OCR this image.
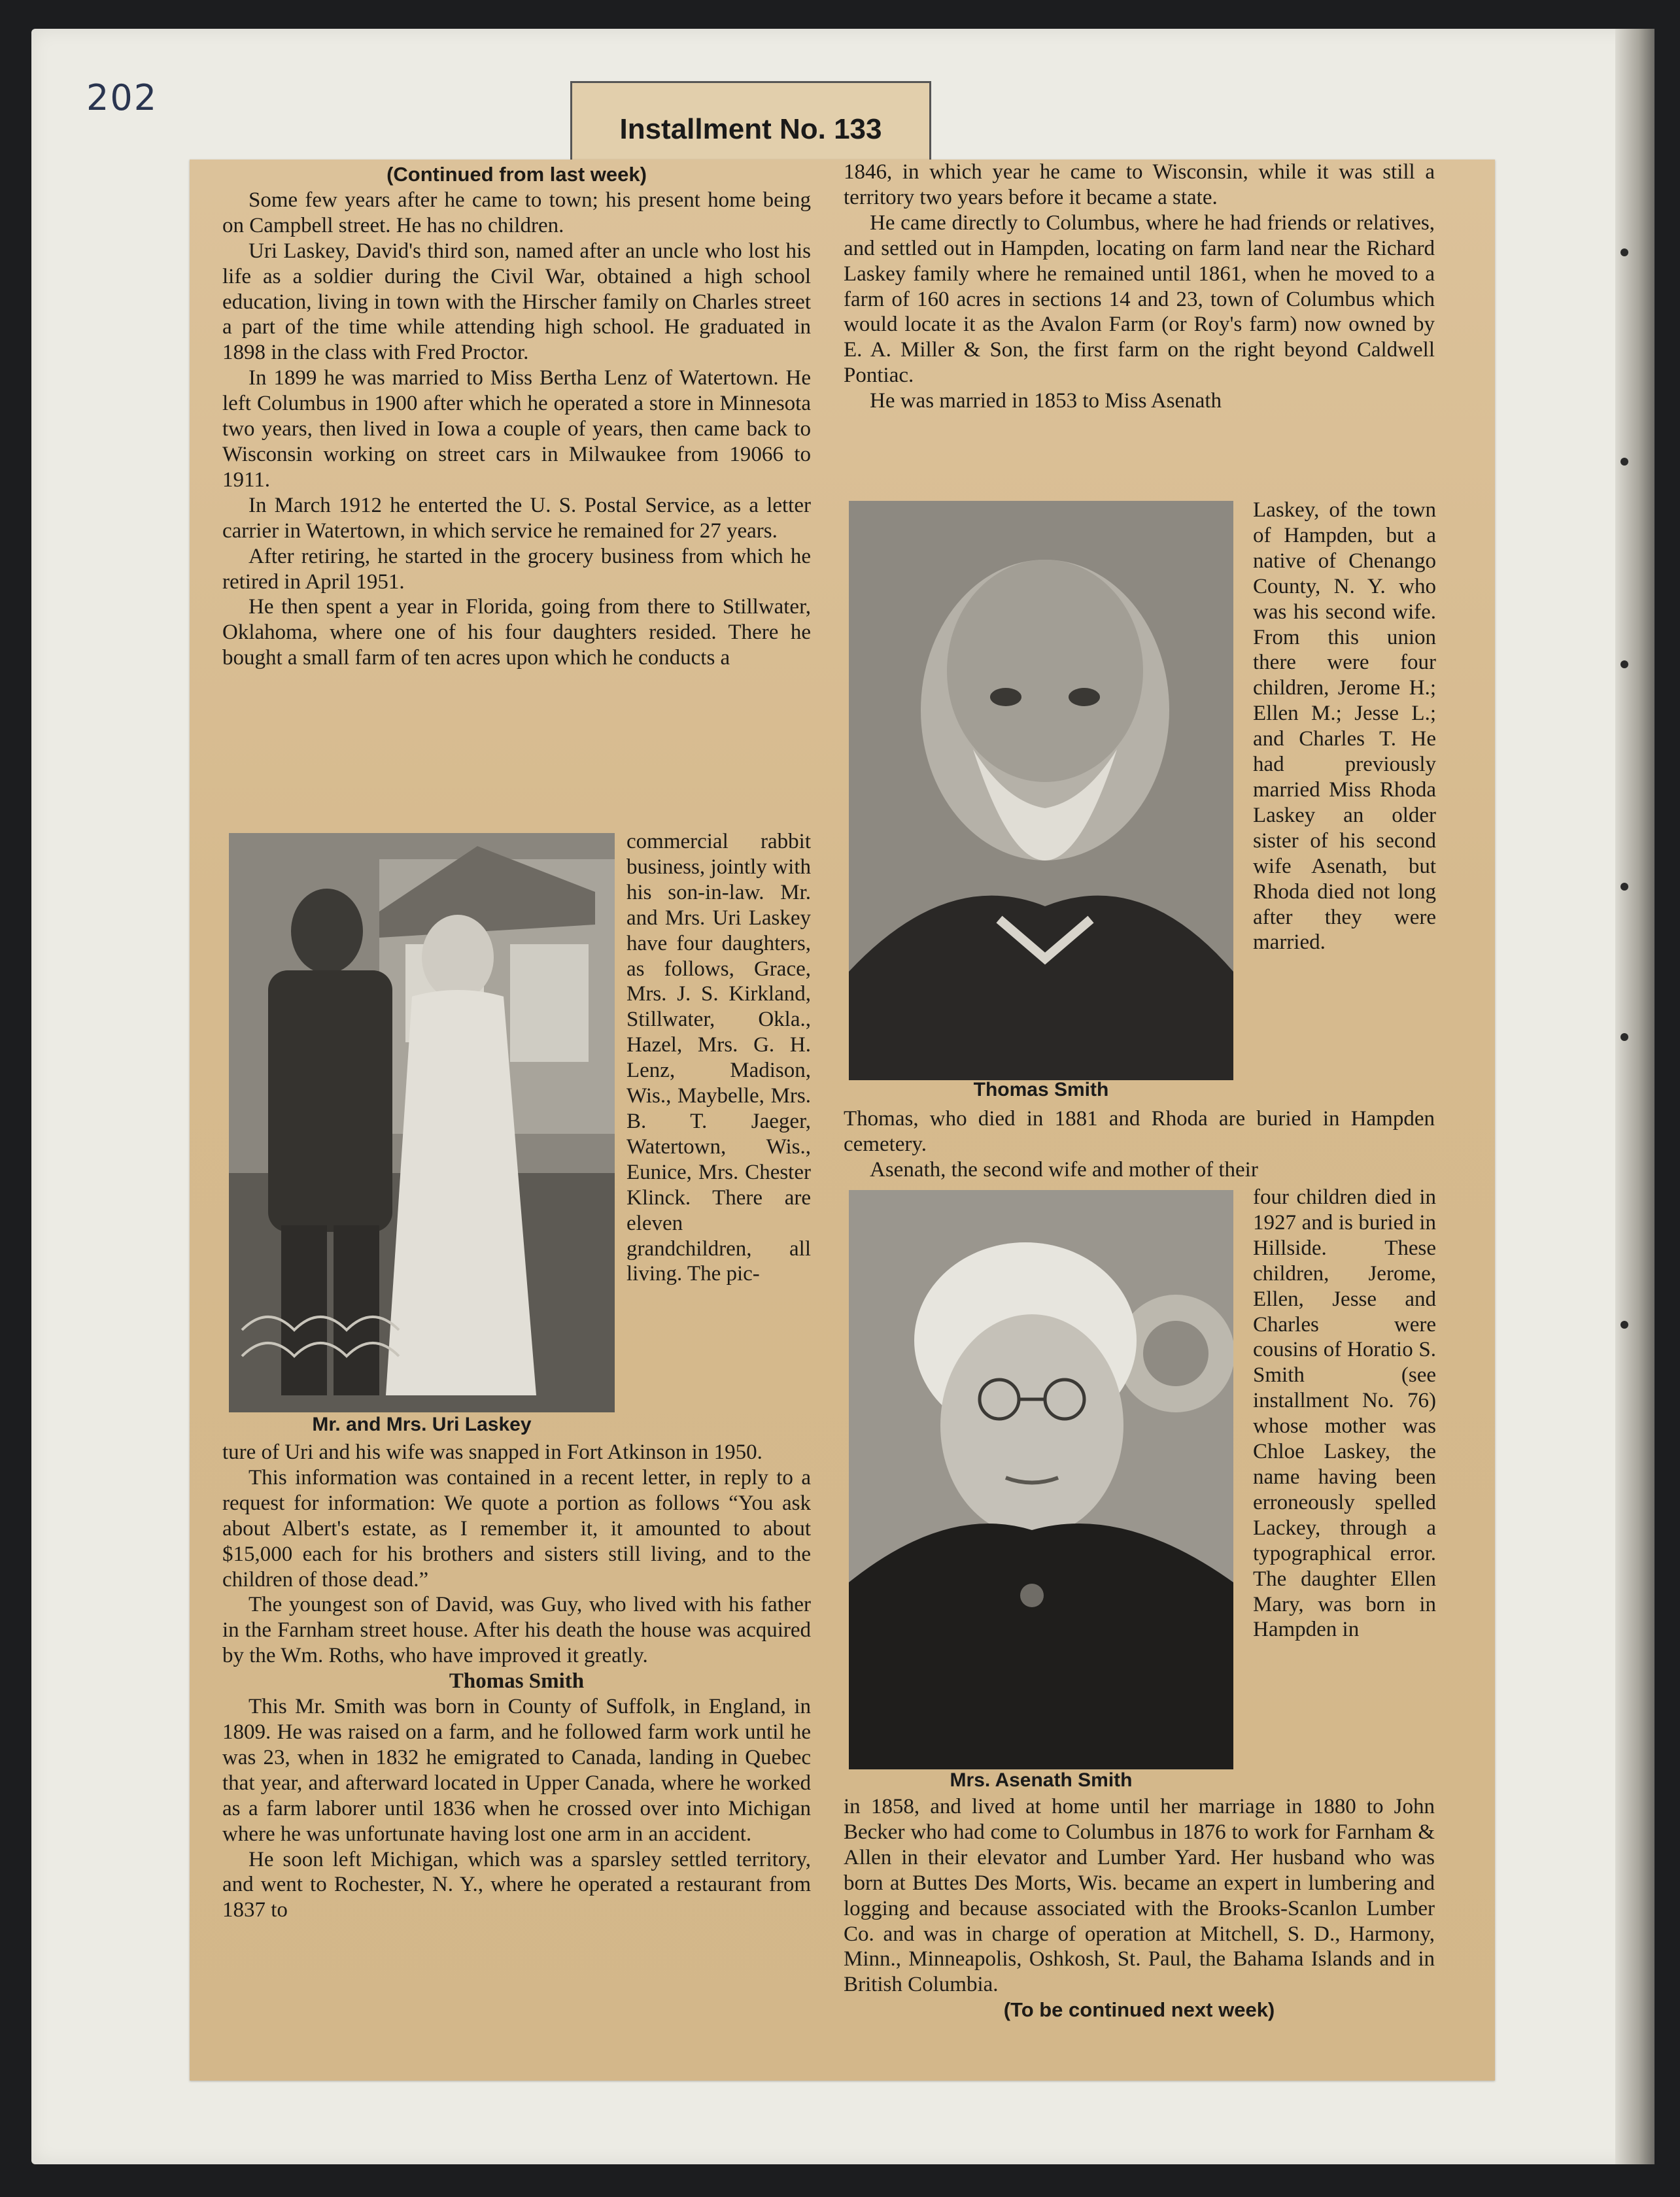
202
Installment No. 133

(Continued from last week)

Some few years after he came to town; his present home being on Campbell street. He has no children.

Uri Laskey, David's third son, named after an uncle who lost his life as a soldier during the Civil War, obtained a high school education, living in town with the Hirscher family on Charles street a part of the time while attending high school. He graduated in 1898 in the class with Fred Proctor.

In 1899 he was married to Miss Bertha Lenz of Watertown. He left Columbus in 1900 after which he operated a store in Minnesota two years, then lived in Iowa a couple of years, then came back to Wisconsin working on street cars in Milwaukee from 19066 to 1911.

In March 1912 he enterted the U. S. Postal Service, as a letter carrier in Watertown, in which service he remained for 27 years.

After retiring, he started in the grocery business from which he retired in April 1951.

He then spent a year in Florida, going from there to Stillwater, Oklahoma, where one of his four daughters resided. There he bought a small farm of ten acres upon which he conducts a

Mr. and Mrs. Uri Laskey
commercial rabbit business, jointly with his son-in-law. Mr. and Mrs. Uri Laskey have four daughters, as follows, Grace, Mrs. J. S. Kirkland, Stillwater, Okla., Hazel, Mrs. G. H. Lenz, Madison, Wis., Maybelle, Mrs. B. T. Jaeger, Watertown, Wis., Eunice, Mrs. Chester Klinck. There are eleven grandchildren, all living. The pic-

ture of Uri and his wife was snapped in Fort Atkinson in 1950.

This information was contained in a recent letter, in reply to a request for information: We quote a portion as follows “You ask about Albert's estate, as I remember it, it amounted to about $15,000 each for his brothers and sisters still living, and to the children of those dead.”

The youngest son of David, was Guy, who lived with his father in the Farnham street house. After his death the house was acquired by the Wm. Roths, who have improved it greatly.

Thomas Smith

This Mr. Smith was born in County of Suffolk, in England, in 1809. He was raised on a farm, and he followed farm work until he was 23, when in 1832 he emigrated to Canada, landing in Quebec that year, and afterward located in Upper Canada, where he worked as a farm laborer until 1836 when he crossed over into Michigan where he was unfortunate having lost one arm in an accident.

He soon left Michigan, which was a sparsley settled territory, and went to Rochester, N. Y., where he operated a restaurant from 1837 to

1846, in which year he came to Wisconsin, while it was still a territory two years before it became a state.

He came directly to Columbus, where he had friends or relatives, and settled out in Hampden, locating on farm land near the Richard Laskey family where he remained until 1861, when he moved to a farm of 160 acres in sections 14 and 23, town of Columbus which would locate it as the Avalon Farm (or Roy's farm) now owned by E. A. Miller & Son, the first farm on the right beyond Caldwell Pontiac.

He was married in 1853 to Miss Asenath

Thomas Smith
Laskey, of the town of Hampden, but a native of Chenango County, N. Y. who was his second wife. From this union there were four children, Jerome H.; Ellen M.; Jesse L.; and Charles T. He had previously married Miss Rhoda Laskey an older sister of his second wife Asenath, but Rhoda died not long after they were married.

Thomas, who died in 1881 and Rhoda are buried in Hampden cemetery.

Asenath, the second wife and mother of their

Mrs. Asenath Smith
four children died in 1927 and is buried in Hillside. These children, Jerome, Ellen, Jesse and Charles were cousins of Horatio S. Smith (see installment No. 76) whose mother was Chloe Laskey, the name having been erroneously spelled Lackey, through a typographical error. The daughter Ellen Mary, was born in Hampden in

in 1858, and lived at home until her marriage in 1880 to John Becker who had come to Columbus in 1876 to work for Farnham & Allen in their elevator and Lumber Yard. Her husband who was born at Buttes Des Morts, Wis. became an expert in lumbering and logging and because associated with the Brooks-Scanlon Lumber Co. and was in charge of operation at Mitchell, S. D., Harmony, Minn., Minneapolis, Oshkosh, St. Paul, the Bahama Islands and in British Columbia.

(To be continued next week)
